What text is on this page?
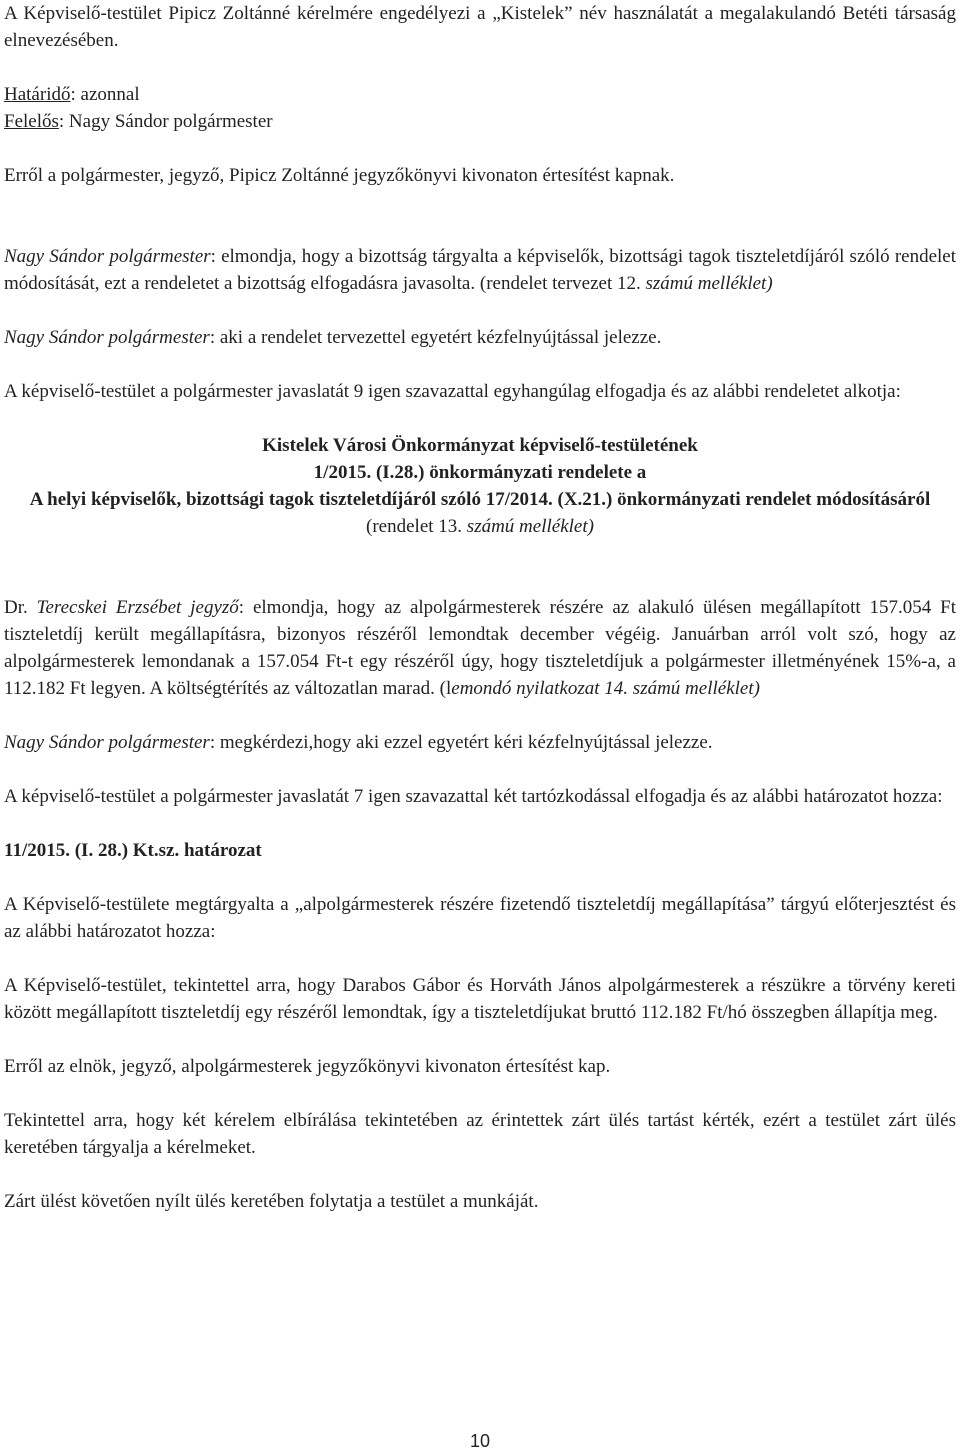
A Képviselő-testület Pipicz Zoltánné kérelmére engedélyezi a „Kistelek” név használatát a megalakulandó Betéti társaság elnevezésében.

Határidő: azonnal

Felelős: Nagy Sándor polgármester

Erről a polgármester, jegyző, Pipicz Zoltánné jegyzőkönyvi kivonaton értesítést kapnak.

Nagy Sándor polgármester: elmondja, hogy a bizottság tárgyalta a képviselők, bizottsági tagok tiszteletdíjáról szóló rendelet módosítását, ezt a rendeletet a bizottság elfogadásra javasolta. (rendelet tervezet 12. számú melléklet)

Nagy Sándor polgármester: aki a rendelet tervezettel egyetért kézfelnyújtással jelezze.

A képviselő-testület a polgármester javaslatát 9 igen szavazattal egyhangúlag elfogadja és az alábbi rendeletet alkotja:

Kistelek Városi Önkormányzat képviselő-testületének
1/2015. (I.28.) önkormányzati rendelete a
A helyi képviselők, bizottsági tagok tiszteletdíjáról szóló 17/2014. (X.21.) önkormányzati rendelet módosításáról
(rendelet 13. számú melléklet)

Dr. Terecskei Erzsébet jegyző: elmondja, hogy az alpolgármesterek részére az alakuló ülésen megállapított 157.054 Ft tiszteletdíj került megállapításra, bizonyos részéről lemondtak december végéig. Januárban arról volt szó, hogy az alpolgármesterek lemondanak a 157.054 Ft-t egy részéről úgy, hogy tiszteletdíjuk a polgármester illetményének 15%-a, a 112.182 Ft legyen. A költségtérítés az változatlan marad. (lemondó nyilatkozat 14. számú melléklet)

Nagy Sándor polgármester: megkérdezi,hogy aki ezzel egyetért kéri kézfelnyújtással jelezze.

A képviselő-testület a polgármester javaslatát 7 igen szavazattal két tartózkodással elfogadja és az alábbi határozatot hozza:

11/2015. (I. 28.) Kt.sz. határozat

A Képviselő-testülete megtárgyalta a „alpolgármesterek részére fizetendő tiszteletdíj megállapítása” tárgyú előterjesztést és az alábbi határozatot hozza:

A Képviselő-testület, tekintettel arra, hogy Darabos Gábor és Horváth János alpolgármesterek a részükre a törvény kereti között megállapított tiszteletdíj egy részéről lemondtak, így a tiszteletdíjukat bruttó 112.182 Ft/hó összegben állapítja meg.

Erről az elnök, jegyző, alpolgármesterek jegyzőkönyvi kivonaton értesítést kap.

Tekintettel arra, hogy két kérelem elbírálása tekintetében az érintettek zárt ülés tartást kérték, ezért a testület zárt ülés keretében tárgyalja a kérelmeket.

Zárt ülést követően nyílt ülés keretében folytatja a testület a munkáját.

10
